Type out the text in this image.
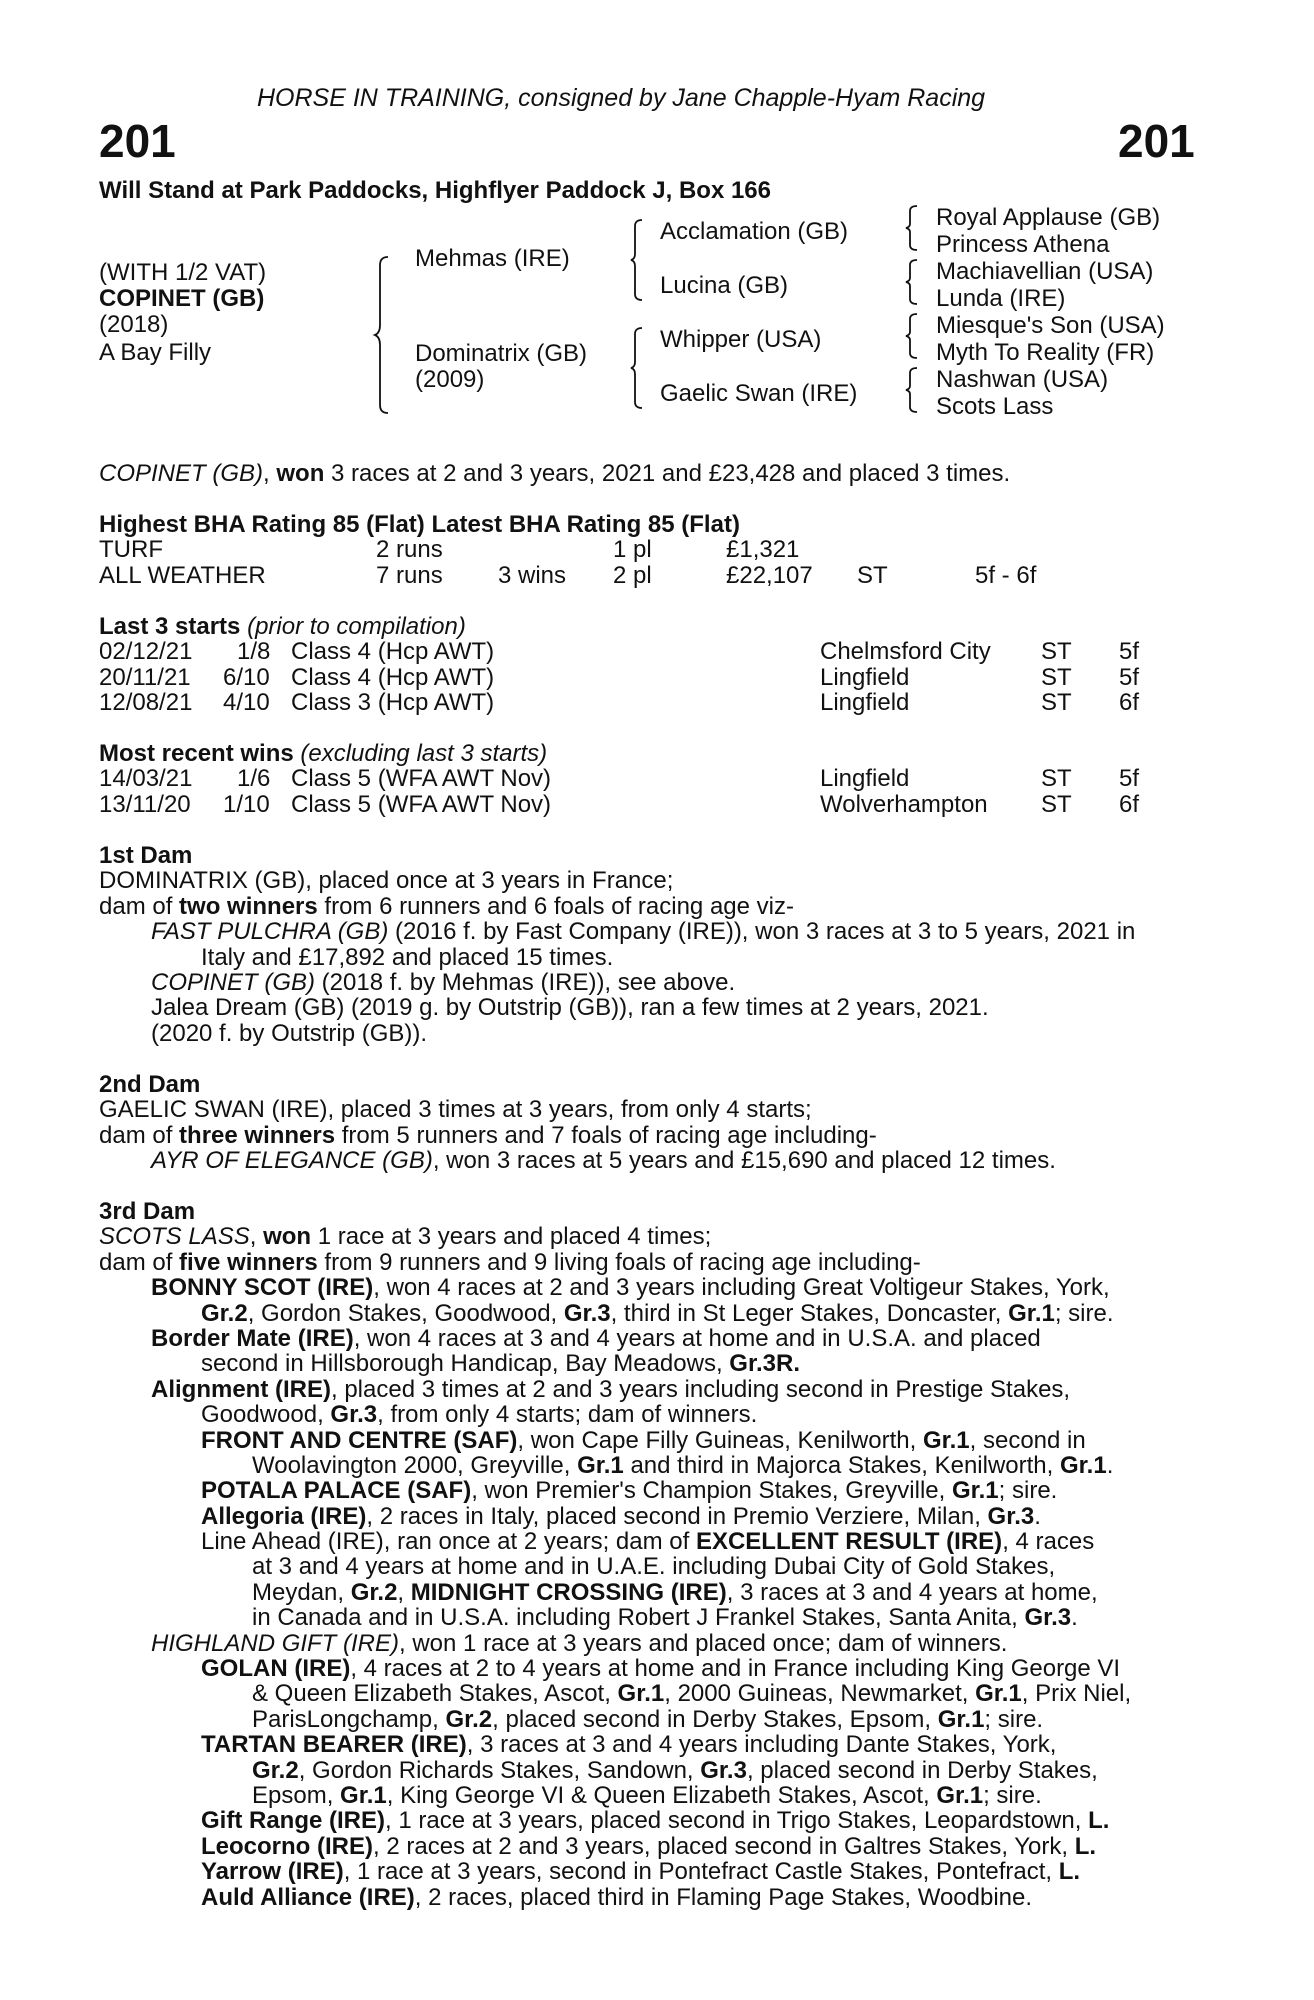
HORSE IN TRAINING, consigned by Jane Chapple-Hyam Racing
201	201
Will Stand at Park Paddocks, Highflyer Paddock J, Box 166
(WITH 1/2 VAT)
COPINET (GB)
(2018)
A Bay Filly
Mehmas (IRE)
Dominatrix (GB)
(2009)
Acclamation (GB)
Lucina (GB)
Whipper (USA)
Gaelic Swan (IRE)
Royal Applause (GB)
Princess Athena
Machiavellian (USA)
Lunda (IRE)
Miesque's Son (USA)
Myth To Reality (FR)
Nashwan (USA)
Scots Lass
COPINET (GB), won 3 races at 2 and 3 years, 2021 and £23,428 and placed 3 times.
Highest BHA Rating 85 (Flat) Latest BHA Rating 85 (Flat)
TURF	2 runs	1 pl	£1,321
ALL WEATHER	7 runs 3 wins 2 pl	£22,107 ST	5f - 6f
Last 3 starts (prior to compilation)
02/12/21 1/8 Class 4 (Hcp AWT)	Chelmsford City ST 5f
20/11/21 6/10 Class 4 (Hcp AWT)	Lingfield	ST 5f
12/08/21 4/10 Class 3 (Hcp AWT)	Lingfield	ST 6f
Most recent wins (excluding last 3 starts)
14/03/21 1/6 Class 5 (WFA AWT Nov)	Lingfield	ST 5f
13/11/20 1/10 Class 5 (WFA AWT Nov)	Wolverhampton ST 6f
1st Dam
DOMINATRIX (GB), placed once at 3 years in France;
dam of two winners from 6 runners and 6 foals of racing age viz-
FAST PULCHRA (GB) (2016 f. by Fast Company (IRE)), won 3 races at 3 to 5 years, 2021 in
Italy and £17,892 and placed 15 times.
COPINET (GB) (2018 f. by Mehmas (IRE)), see above.
Jalea Dream (GB) (2019 g. by Outstrip (GB)), ran a few times at 2 years, 2021.
(2020 f. by Outstrip (GB)).
2nd Dam
GAELIC SWAN (IRE), placed 3 times at 3 years, from only 4 starts;
dam of three winners from 5 runners and 7 foals of racing age including-
AYR OF ELEGANCE (GB), won 3 races at 5 years and £15,690 and placed 12 times.
3rd Dam
SCOTS LASS, won 1 race at 3 years and placed 4 times;
dam of five winners from 9 runners and 9 living foals of racing age including-
BONNY SCOT (IRE), won 4 races at 2 and 3 years including Great Voltigeur Stakes, York,
Gr.2, Gordon Stakes, Goodwood, Gr.3, third in St Leger Stakes, Doncaster, Gr.1; sire.
Border Mate (IRE), won 4 races at 3 and 4 years at home and in U.S.A. and placed
second in Hillsborough Handicap, Bay Meadows, Gr.3R.
Alignment (IRE), placed 3 times at 2 and 3 years including second in Prestige Stakes,
Goodwood, Gr.3, from only 4 starts; dam of winners.
FRONT AND CENTRE (SAF), won Cape Filly Guineas, Kenilworth, Gr.1, second in
Woolavington 2000, Greyville, Gr.1 and third in Majorca Stakes, Kenilworth, Gr.1.
POTALA PALACE (SAF), won Premier's Champion Stakes, Greyville, Gr.1; sire.
Allegoria (IRE), 2 races in Italy, placed second in Premio Verziere, Milan, Gr.3.
Line Ahead (IRE), ran once at 2 years; dam of EXCELLENT RESULT (IRE), 4 races
at 3 and 4 years at home and in U.A.E. including Dubai City of Gold Stakes,
Meydan, Gr.2, MIDNIGHT CROSSING (IRE), 3 races at 3 and 4 years at home,
in Canada and in U.S.A. including Robert J Frankel Stakes, Santa Anita, Gr.3.
HIGHLAND GIFT (IRE), won 1 race at 3 years and placed once; dam of winners.
GOLAN (IRE), 4 races at 2 to 4 years at home and in France including King George VI
& Queen Elizabeth Stakes, Ascot, Gr.1, 2000 Guineas, Newmarket, Gr.1, Prix Niel,
ParisLongchamp, Gr.2, placed second in Derby Stakes, Epsom, Gr.1; sire.
TARTAN BEARER (IRE), 3 races at 3 and 4 years including Dante Stakes, York,
Gr.2, Gordon Richards Stakes, Sandown, Gr.3, placed second in Derby Stakes,
Epsom, Gr.1, King George VI & Queen Elizabeth Stakes, Ascot, Gr.1; sire.
Gift Range (IRE), 1 race at 3 years, placed second in Trigo Stakes, Leopardstown, L.
Leocorno (IRE), 2 races at 2 and 3 years, placed second in Galtres Stakes, York, L.
Yarrow (IRE), 1 race at 3 years, second in Pontefract Castle Stakes, Pontefract, L.
Auld Alliance (IRE), 2 races, placed third in Flaming Page Stakes, Woodbine.
